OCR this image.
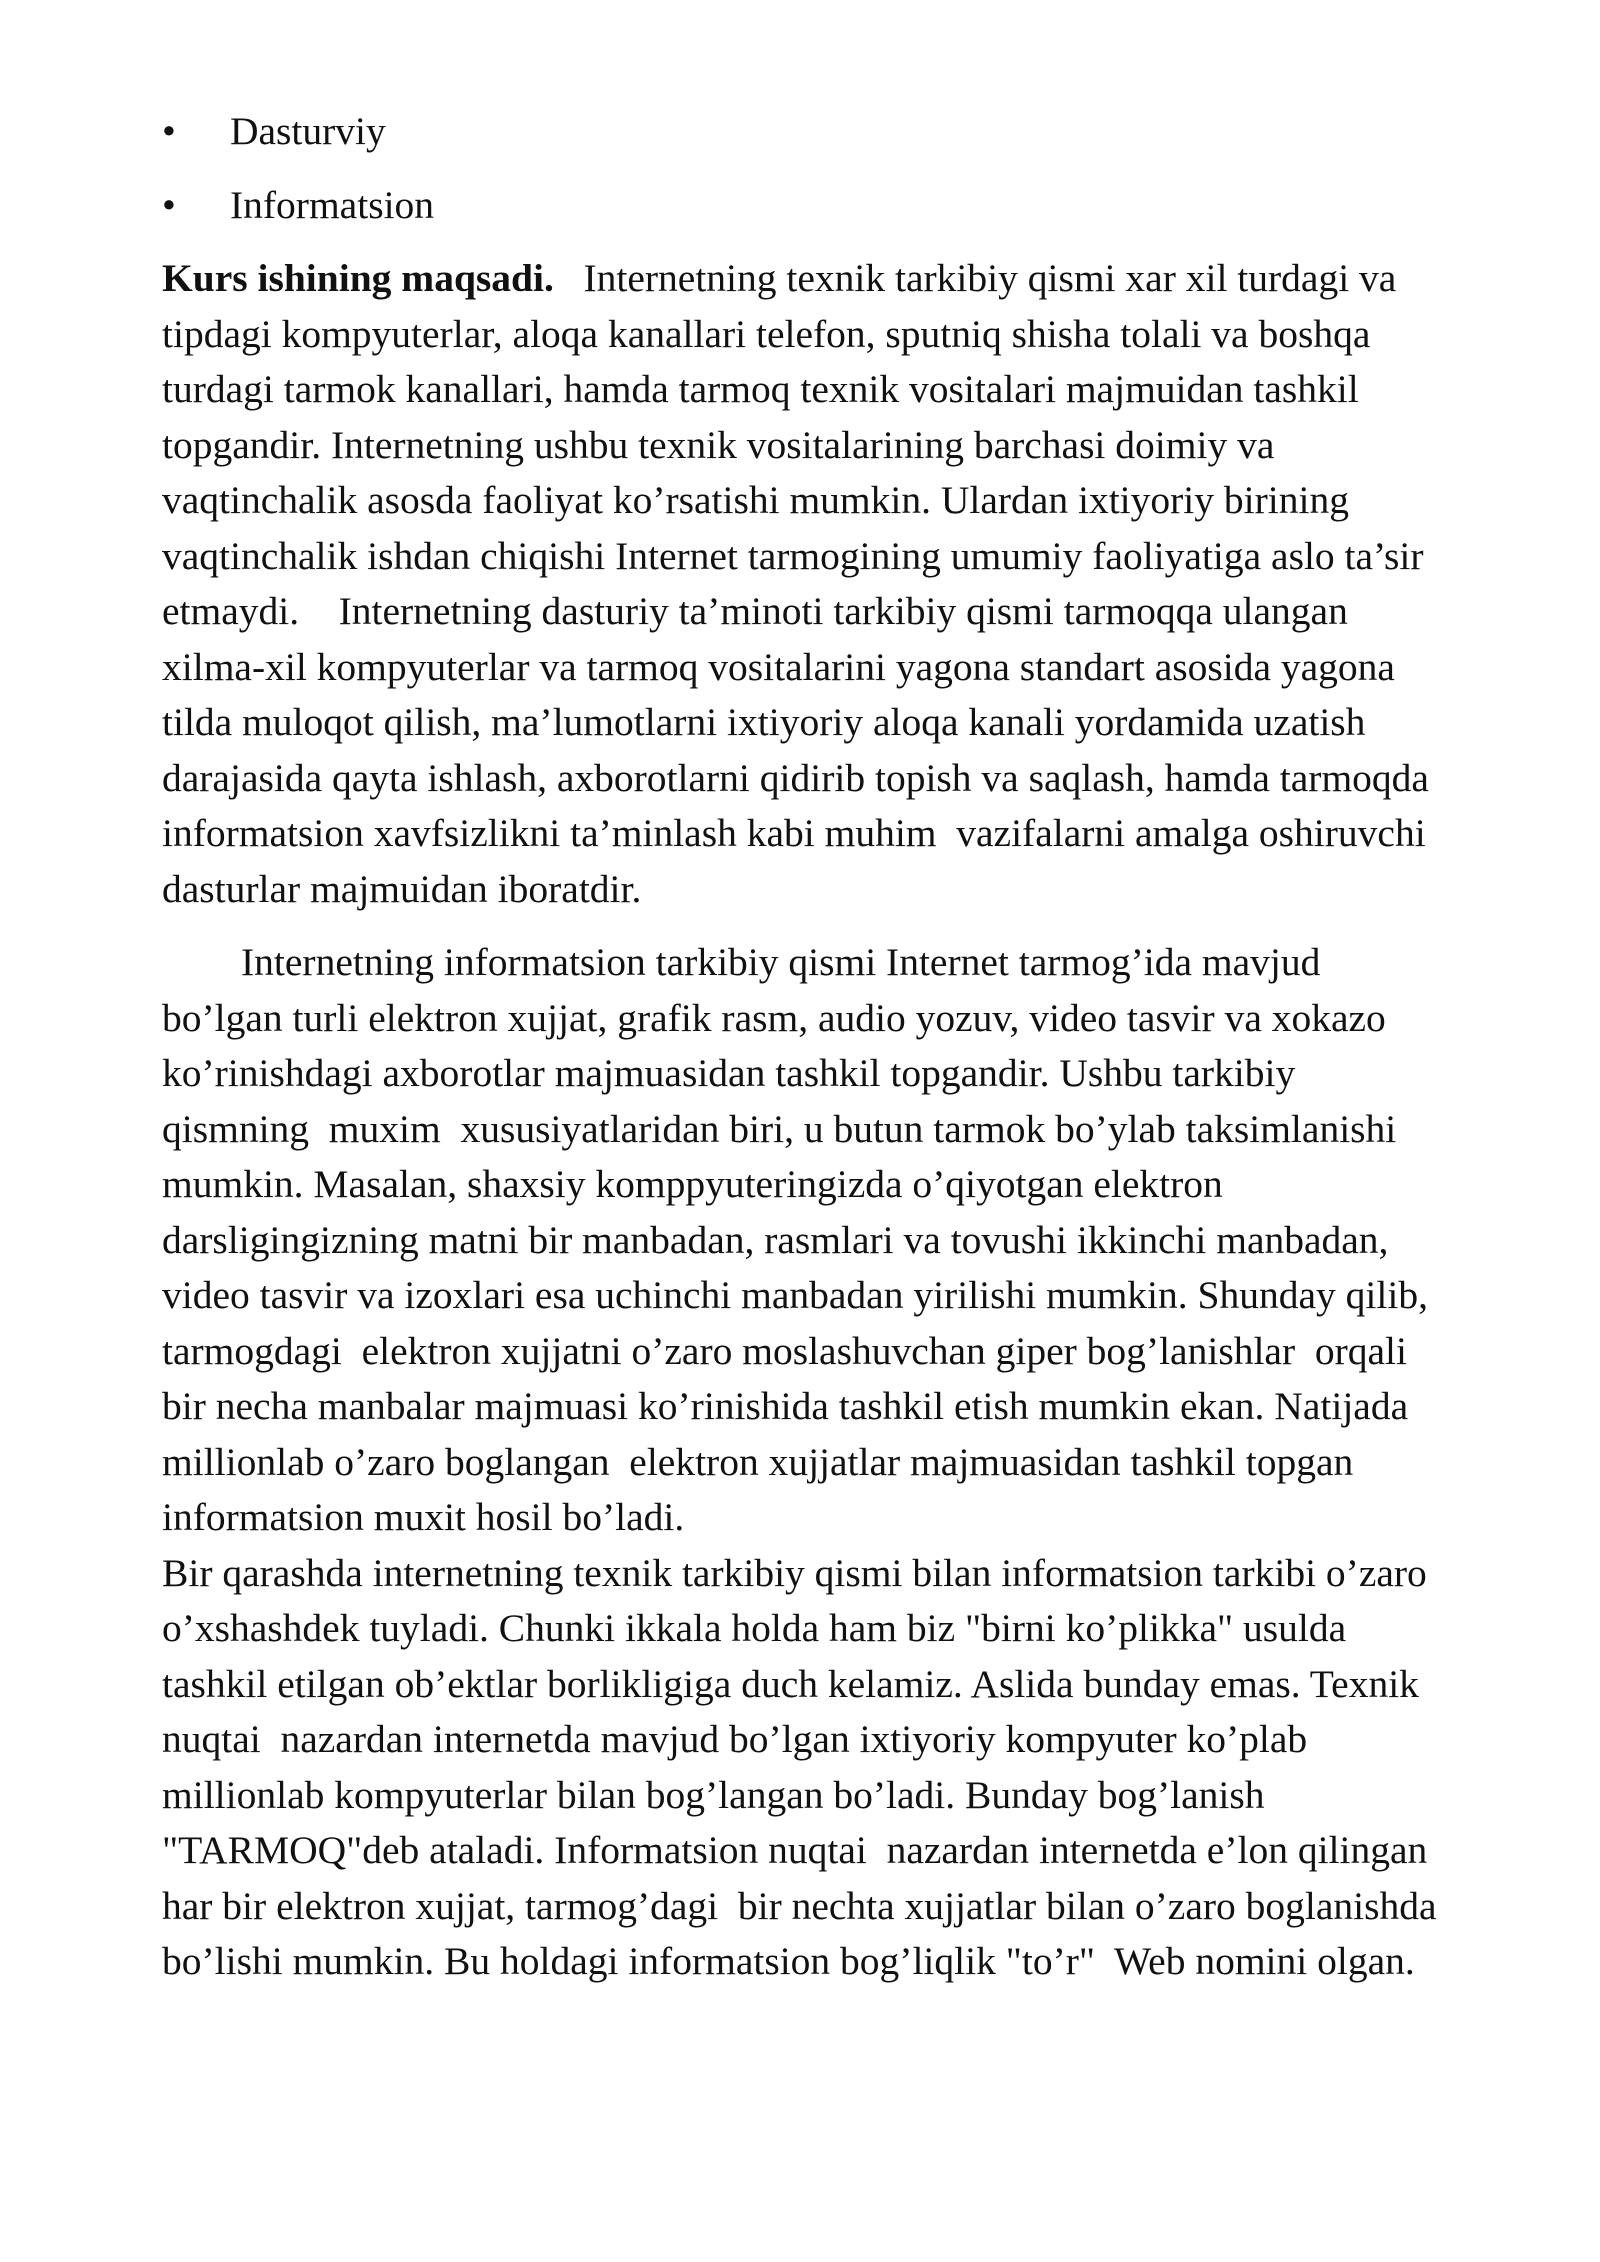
• Dasturviy
• Informatsion
Kurs ishining maqsadi.   Internetning texnik tarkibiy qismi xar xil turdagi va
tipdagi kompyuterlar, aloqa kanallari telefon, sputniq shisha tolali va boshqa
turdagi tarmok kanallari, hamda tarmoq texnik vositalari majmuidan tashkil
topgandir. Internetning ushbu texnik vositalarining barchasi doimiy va
vaqtinchalik asosda faoliyat ko’rsatishi mumkin. Ulardan ixtiyoriy birining
vaqtinchalik ishdan chiqishi Internet tarmogining umumiy faoliyatiga aslo ta’sir
etmaydi.    Internetning dasturiy ta’minoti tarkibiy qismi tarmoqqa ulangan
xilma-xil kompyuterlar va tarmoq vositalarini yagona standart asosida yagona
tilda muloqot qilish, ma’lumotlarni ixtiyoriy aloqa kanali yordamida uzatish
darajasida qayta ishlash, axborotlarni qidirib topish va saqlash, hamda tarmoqda
informatsion xavfsizlikni ta’minlash kabi muhim  vazifalarni amalga oshiruvchi
dasturlar majmuidan iboratdir.
Internetning informatsion tarkibiy qismi Internet tarmog’ida mavjud
bo’lgan turli elektron xujjat, grafik rasm, audio yozuv, video tasvir va xokazo
ko’rinishdagi axborotlar majmuasidan tashkil topgandir. Ushbu tarkibiy
qismning  muxim  xususiyatlaridan biri, u butun tarmok bo’ylab taksimlanishi
mumkin. Masalan, shaxsiy komppyuteringizda o’qiyotgan elektron
darsligingizning matni bir manbadan, rasmlari va tovushi ikkinchi manbadan,
video tasvir va izoxlari esa uchinchi manbadan yirilishi mumkin. Shunday qilib,
tarmogdagi  elektron xujjatni o’zaro moslashuvchan giper bog’lanishlar  orqali
bir necha manbalar majmuasi ko’rinishida tashkil etish mumkin ekan. Natijada
millionlab o’zaro boglangan  elektron xujjatlar majmuasidan tashkil topgan
informatsion muxit hosil bo’ladi.
Bir qarashda internetning texnik tarkibiy qismi bilan informatsion tarkibi o’zaro
o’xshashdek tuyladi. Chunki ikkala holda ham biz "birni ko’plikka" usulda
tashkil etilgan ob’ektlar borlikligiga duch kelamiz. Aslida bunday emas. Texnik
nuqtai  nazardan internetda mavjud bo’lgan ixtiyoriy kompyuter ko’plab
millionlab kompyuterlar bilan bog’langan bo’ladi. Bunday bog’lanish
"TARMOQ"deb ataladi. Informatsion nuqtai  nazardan internetda e’lon qilingan
har bir elektron xujjat, tarmog’dagi  bir nechta xujjatlar bilan o’zaro boglanishda
bo’lishi mumkin. Bu holdagi informatsion bog’liqlik "to’r"  Web nomini olgan.
